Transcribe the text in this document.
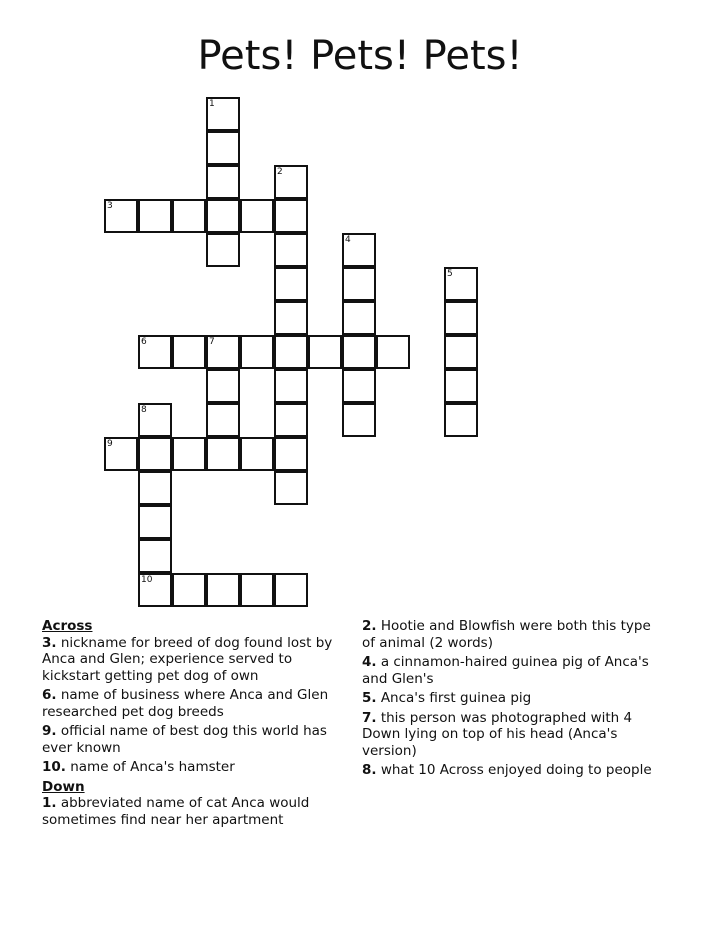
Pets! Pets! Pets!
1
2
3
4
5
6	7
8
9
10
Across
3. nickname for breed of dog found lost by Anca and Glen; experience served to kickstart getting pet dog of own
6. name of business where Anca and Glen researched pet dog breeds
9. official name of best dog this world has ever known
10. name of Anca's hamster
Down
1. abbreviated name of cat Anca would sometimes find near her apartment
2. Hootie and Blowfish were both this type of animal (2 words)
4. a cinnamon-haired guinea pig of Anca's and Glen's
5. Anca's first guinea pig
7. this person was photographed with 4 Down lying on top of his head (Anca's version)
8. what 10 Across enjoyed doing to people
